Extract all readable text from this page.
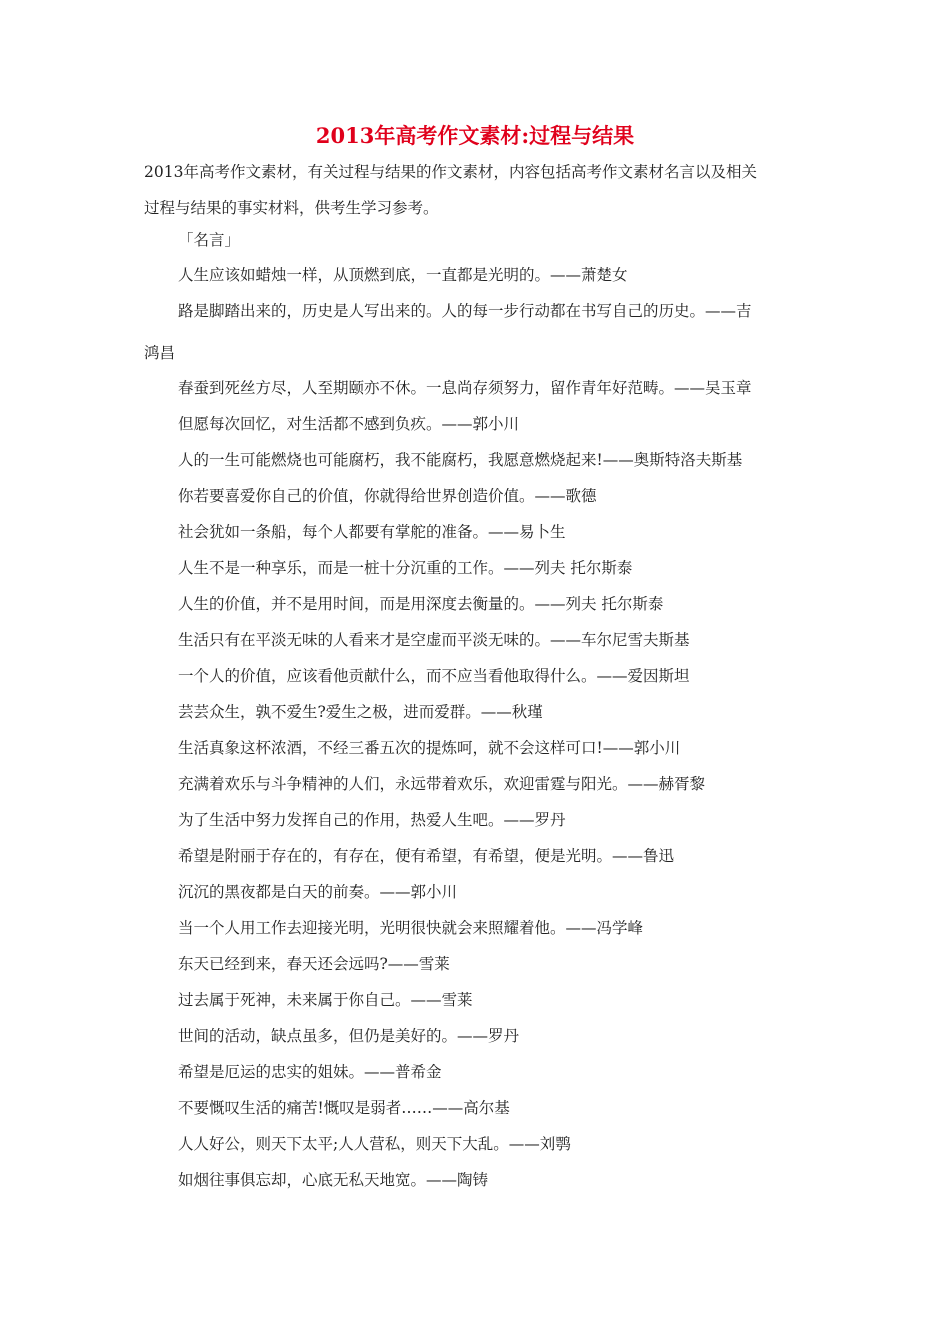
2013年高考作文素材:过程与结果
2013年高考作文素材，有关过程与结果的作文素材，内容包括高考作文素材名言以及相关
过程与结果的事实材料，供考生学习参考。
「名言」
人生应该如蜡烛一样，从顶燃到底，一直都是光明的。——萧楚女
路是脚踏出来的，历史是人写出来的。人的每一步行动都在书写自己的历史。——吉
鸿昌
春蚕到死丝方尽，人至期颐亦不休。一息尚存须努力，留作青年好范畴。——吴玉章
但愿每次回忆，对生活都不感到负疚。——郭小川
人的一生可能燃烧也可能腐朽，我不能腐朽，我愿意燃烧起来!——奥斯特洛夫斯基
你若要喜爱你自己的价值，你就得给世界创造价值。——歌德
社会犹如一条船，每个人都要有掌舵的准备。——易卜生
人生不是一种享乐，而是一桩十分沉重的工作。——列夫 托尔斯泰
人生的价值，并不是用时间，而是用深度去衡量的。——列夫 托尔斯泰
生活只有在平淡无味的人看来才是空虚而平淡无味的。——车尔尼雪夫斯基
一个人的价值，应该看他贡献什么，而不应当看他取得什么。——爱因斯坦
芸芸众生，孰不爱生?爱生之极，进而爱群。——秋瑾
生活真象这杯浓酒，不经三番五次的提炼呵，就不会这样可口!——郭小川
充满着欢乐与斗争精神的人们，永远带着欢乐，欢迎雷霆与阳光。——赫胥黎
为了生活中努力发挥自己的作用，热爱人生吧。——罗丹
希望是附丽于存在的，有存在，便有希望，有希望，便是光明。——鲁迅
沉沉的黑夜都是白天的前奏。——郭小川
当一个人用工作去迎接光明，光明很快就会来照耀着他。——冯学峰
东天已经到来，春天还会远吗?——雪莱
过去属于死神，未来属于你自己。——雪莱
世间的活动，缺点虽多，但仍是美好的。——罗丹
希望是厄运的忠实的姐妹。——普希金
不要慨叹生活的痛苦!慨叹是弱者……——高尔基
人人好公，则天下太平;人人营私，则天下大乱。——刘鹗
如烟往事俱忘却，心底无私天地宽。——陶铸
